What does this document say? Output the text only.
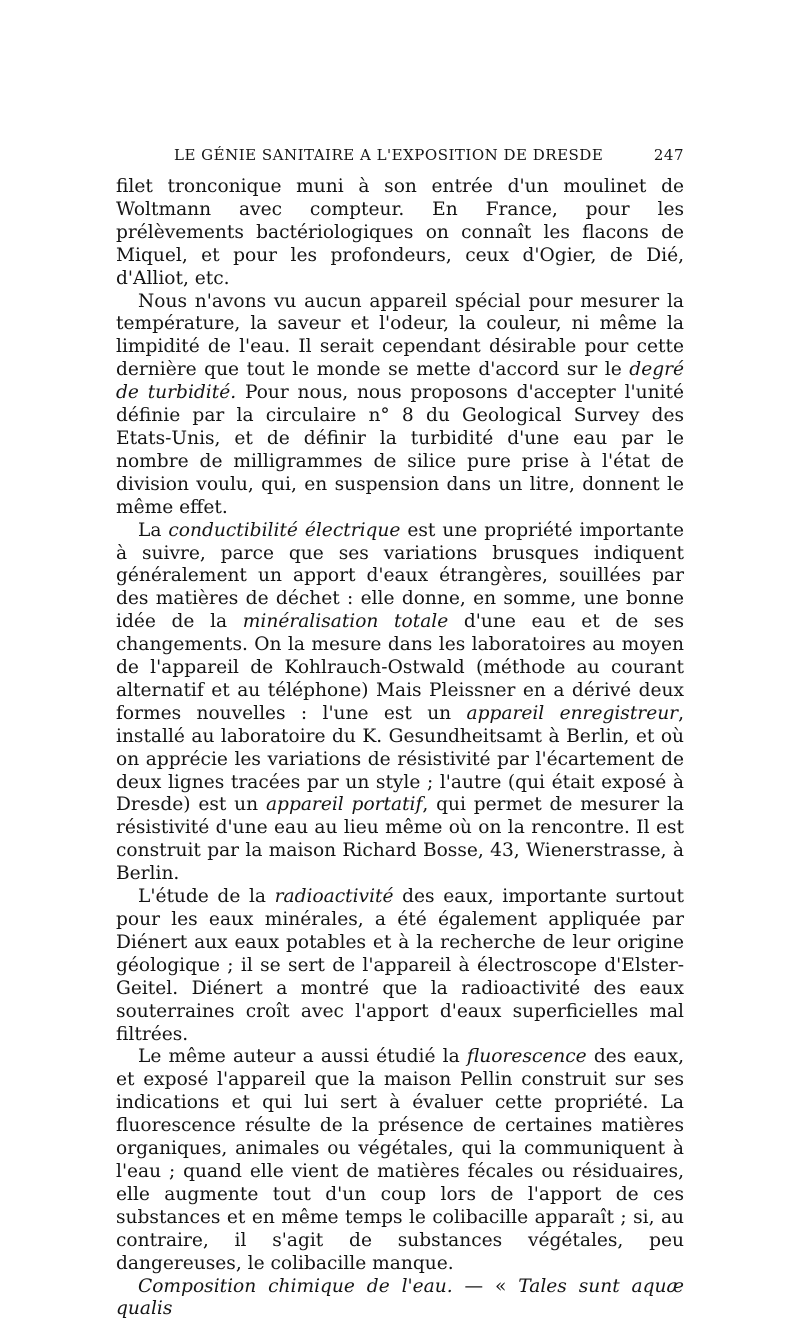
LE GÉNIE SANITAIRE A L'EXPOSITION DE DRESDE	247

filet tronconique muni à son entrée d'un moulinet de Woltmann avec compteur. En France, pour les prélèvements bactériologiques on connaît les flacons de Miquel, et pour les profondeurs, ceux d'Ogier, de Dié, d'Alliot, etc.

Nous n'avons vu aucun appareil spécial pour mesurer la température, la saveur et l'odeur, la couleur, ni même la limpidité de l'eau. Il serait cependant désirable pour cette dernière que tout le monde se mette d'accord sur le degré de turbidité. Pour nous, nous proposons d'accepter l'unité définie par la circulaire n° 8 du Geological Survey des Etats-Unis, et de définir la turbidité d'une eau par le nombre de milligrammes de silice pure prise à l'état de division voulu, qui, en suspension dans un litre, donnent le même effet.

La conductibilité électrique est une propriété importante à suivre, parce que ses variations brusques indiquent généralement un apport d'eaux étrangères, souillées par des matières de déchet : elle donne, en somme, une bonne idée de la minéralisation totale d'une eau et de ses changements. On la mesure dans les laboratoires au moyen de l'appareil de Kohlrauch-Ostwald (méthode au courant alternatif et au téléphone) Mais Pleissner en a dérivé deux formes nouvelles : l'une est un appareil enregistreur, installé au laboratoire du K. Gesundheitsamt à Berlin, et où on apprécie les variations de résistivité par l'écartement de deux lignes tracées par un style ; l'autre (qui était exposé à Dresde) est un appareil portatif, qui permet de mesurer la résistivité d'une eau au lieu même où on la rencontre. Il est construit par la maison Richard Bosse, 43, Wienerstrasse, à Berlin.

L'étude de la radioactivité des eaux, importante surtout pour les eaux minérales, a été également appliquée par Diénert aux eaux potables et à la recherche de leur origine géologique ; il se sert de l'appareil à électroscope d'Elster-Geitel. Diénert a montré que la radioactivité des eaux souterraines croît avec l'apport d'eaux superficielles mal filtrées.

Le même auteur a aussi étudié la fluorescence des eaux, et exposé l'appareil que la maison Pellin construit sur ses indications et qui lui sert à évaluer cette propriété. La fluorescence résulte de la présence de certaines matières organiques, animales ou végétales, qui la communiquent à l'eau ; quand elle vient de matières fécales ou résiduaires, elle augmente tout d'un coup lors de l'apport de ces substances et en même temps le colibacille apparaît ; si, au contraire, il s'agit de substances végétales, peu dangereuses, le colibacille manque.

Composition chimique de l'eau. — « Tales sunt aquæ qualis
